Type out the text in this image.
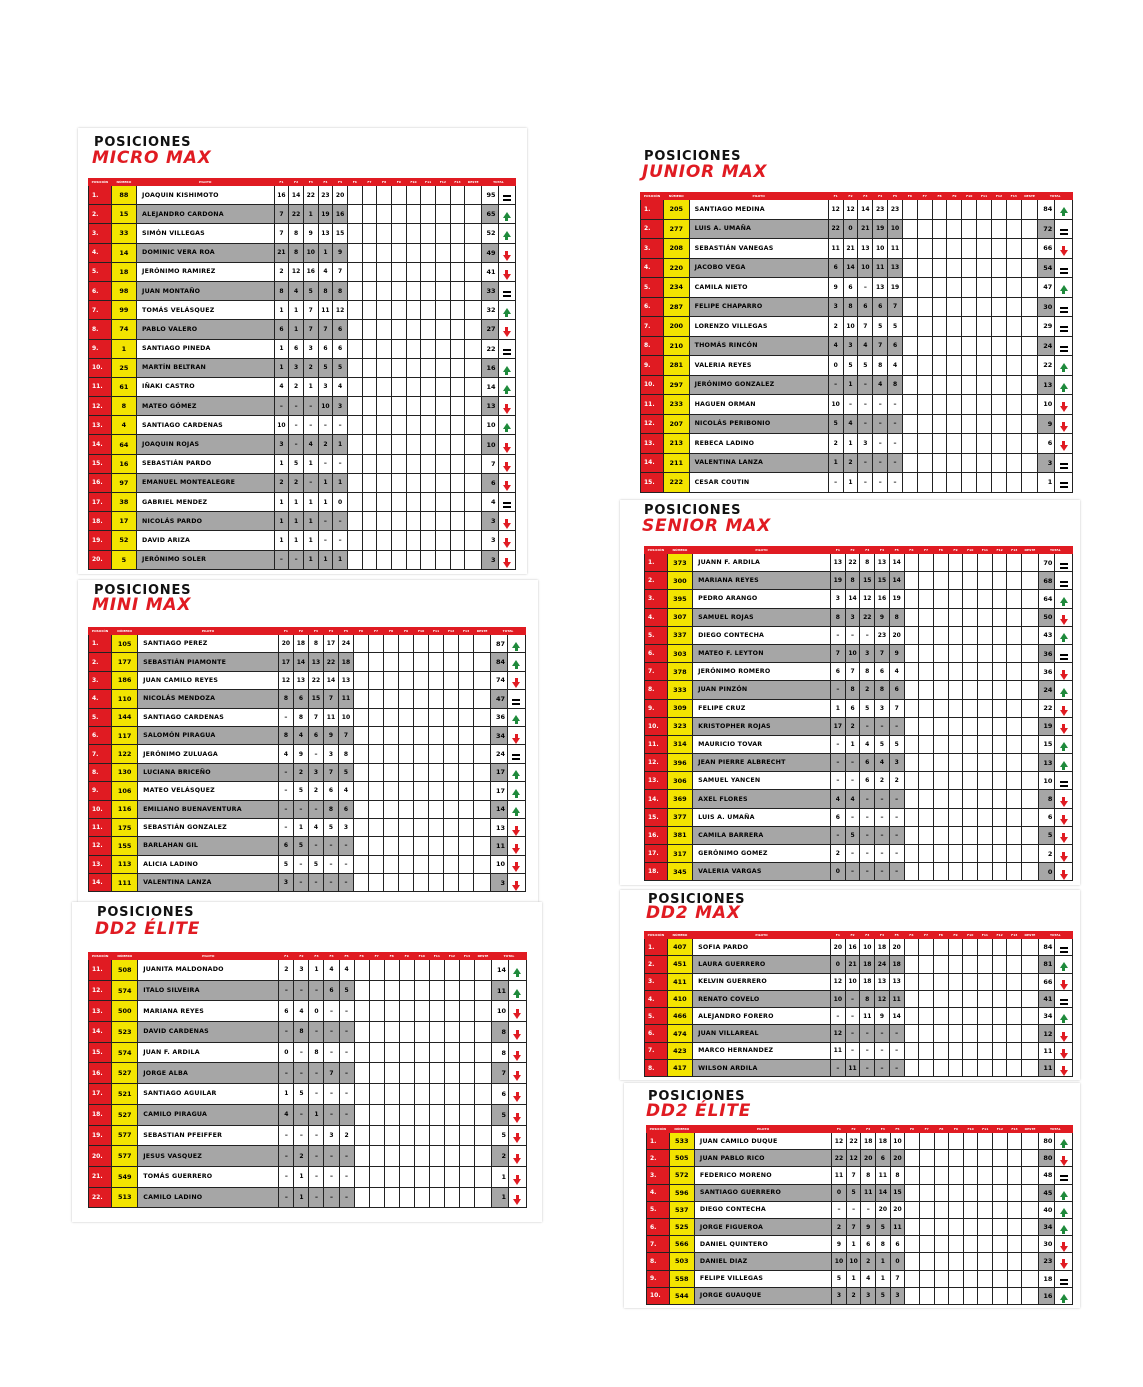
POSICIONES
MICRO MAX
POSICIÓN	NÚMERO	PILOTO	F1	F2	F3	F4	F5	F6	F7	F8	F9	F10	F11	F12	F13	DESTE	TOTAL	
1.	88	JOAQUIN KISHIMOTO	16	14	22	23	20										95	

2.	15	ALEJANDRO CARDONA	7	22	1	19	16										65	

3.	33	SIMÓN VILLEGAS	7	8	9	13	15										52	

4.	14	DOMINIC VERA ROA	21	8	10	1	9										49	

5.	18	JERÓNIMO RAMIREZ	2	12	16	4	7										41	

6.	98	JUAN MONTAÑO	8	4	5	8	8										33	

7.	99	TOMÁS VELÁSQUEZ	1	1	7	11	12										32	

8.	74	PABLO VALERO	6	1	7	7	6										27	

9.	1	SANTIAGO PINEDA	1	6	3	6	6										22	

10.	25	MARTÍN BELTRAN	1	3	2	5	5										16	

11.	61	IÑAKI CASTRO	4	2	1	3	4										14	

12.	8	MATEO GÓMEZ	–	–	–	10	3										13	

13.	4	SANTIAGO CARDENAS	10	–	–	–	–										10	

14.	64	JOAQUIN ROJAS	3	–	4	2	1										10	

15.	16	SEBASTIÁN PARDO	1	5	1	–	–										7	

16.	97	EMANUEL MONTEALEGRE	2	2	–	1	1										6	

17.	38	GABRIEL MENDEZ	1	1	1	1	0										4	

18.	17	NICOLÁS PARDO	1	1	1	–	–										3	

19.	52	DAVID ARIZA	1	1	1	–	–										3	

20.	5	JERÓNIMO SOLER	–	–	1	1	1										3	
POSICIONES
MINI MAX
POSICIÓN	NÚMERO	PILOTO	F1	F2	F3	F4	F5	F6	F7	F8	F9	F10	F11	F12	F13	DESTE	TOTAL	
1.	105	SANTIAGO PEREZ	20	18	8	17	24										87	

2.	177	SEBASTIÁN PIAMONTE	17	14	13	22	18										84	

3.	186	JUAN CAMILO REYES	12	13	22	14	13										74	

4.	110	NICOLÁS MENDOZA	8	6	15	7	11										47	

5.	144	SANTIAGO CARDENAS	–	8	7	11	10										36	

6.	117	SALOMÓN PIRAGUA	8	4	6	9	7										34	

7.	122	JERÓNIMO ZULUAGA	4	9	–	3	8										24	

8.	130	LUCIANA BRICEÑO	–	2	3	7	5										17	

9.	106	MATEO VELÁSQUEZ	–	5	2	6	4										17	

10.	116	EMILIANO BUENAVENTURA	–	–	–	8	6										14	

11.	175	SEBASTIÁN GONZALEZ	–	1	4	5	3										13	

12.	155	BARLAHAN GIL	6	5	–	–	–										11	

13.	113	ALICIA LADINO	5	–	5	–	–										10	

14.	111	VALENTINA LANZA	3	–	–	–	–										3	
POSICIONES
DD2 ÉLITE
POSICIÓN	NÚMERO	PILOTO	F1	F2	F3	F4	F5	F6	F7	F8	F9	F10	F11	F12	F13	DESTE	TOTAL	
11.	508	JUANITA MALDONADO	2	3	1	4	4										14	

12.	574	ITALO SILVEIRA	–	–	–	6	5										11	

13.	500	MARIANA REYES	6	4	0	–	–										10	

14.	523	DAVID CARDENAS	–	8	–	–	–										8	

15.	574	JUAN F. ARDILA	0	–	8	–	–										8	

16.	527	JORGE ALBA	–	–	–	7	–										7	

17.	521	SANTIAGO AGUILAR	1	5	–	–	–										6	

18.	527	CAMILO PIRAGUA	4	–	1	–	–										5	

19.	577	SEBASTIAN PFEIFFER	–	–	–	3	2										5	

20.	577	JESUS VASQUEZ	–	2	–	–	–										2	

21.	549	TOMÁS GUERRERO	–	1	–	–	–										1	

22.	513	CAMILO LADINO	–	1	–	–	–										1	
POSICIONES
JUNIOR MAX
POSICIÓN	NÚMERO	PILOTO	F1	F2	F3	F4	F5	F6	F7	F8	F9	F10	F11	F12	F13	DESTE	TOTAL	
1.	205	SANTIAGO MEDINA	12	12	14	23	23										84	

2.	277	LUIS A. UMAÑA	22	0	21	19	10										72	

3.	208	SEBASTIÁN VANEGAS	11	21	13	10	11										66	

4.	220	JACOBO VEGA	6	14	10	11	13										54	

5.	234	CAMILA NIETO	9	6	–	13	19										47	

6.	287	FELIPE CHAPARRO	3	8	6	6	7										30	

7.	200	LORENZO VILLEGAS	2	10	7	5	5										29	

8.	210	THOMÁS RINCÓN	4	3	4	7	6										24	

9.	281	VALERIA REYES	0	5	5	8	4										22	

10.	297	JERÓNIMO GONZALEZ	–	1	–	4	8										13	

11.	233	HAGUEN ORMAN	10	–	–	–	–										10	

12.	207	NICOLÁS PERIBONIO	5	4	–	–	–										9	

13.	213	REBECA LADINO	2	1	3	–	–										6	

14.	211	VALENTINA LANZA	1	2	–	–	–										3	

15.	222	CESAR COUTIN	–	1	–	–	–										1	
POSICIONES
SENIOR MAX
POSICIÓN	NÚMERO	PILOTO	F1	F2	F3	F4	F5	F6	F7	F8	F9	F10	F11	F12	F13	DESTE	TOTAL	
1.	373	JUANN F. ARDILA	13	22	8	13	14										70	

2.	300	MARIANA REYES	19	8	15	15	14										68	

3.	395	PEDRO ARANGO	3	14	12	16	19										64	

4.	307	SAMUEL ROJAS	8	3	22	9	8										50	

5.	337	DIEGO CONTECHA	–	–	–	23	20										43	

6.	303	MATEO F. LEYTON	7	10	3	7	9										36	

7.	378	JERÓNIMO ROMERO	6	7	8	6	4										36	

8.	333	JUAN PINZÓN	–	8	2	8	6										24	

9.	309	FELIPE CRUZ	1	6	5	3	7										22	

10.	323	KRISTOPHER ROJAS	17	2	–	–	–										19	

11.	314	MAURICIO TOVAR	–	1	4	5	5										15	

12.	396	JEAN PIERRE ALBRECHT	–	–	6	4	3										13	

13.	306	SAMUEL YANCEN	–	–	6	2	2										10	

14.	369	AXEL FLORES	4	4	–	–	–										8	

15.	377	LUIS A. UMAÑA	6	–	–	–	–										6	

16.	381	CAMILA BARRERA	–	5	–	–	–										5	

17.	317	GERÓNIMO GOMEZ	2	–	–	–	–										2	

18.	345	VALERIA VARGAS	0	–	–	–	–										0	
POSICIONES
DD2 MAX
POSICIÓN	NÚMERO	PILOTO	F1	F2	F3	F4	F5	F6	F7	F8	F9	F10	F11	F12	F13	DESTE	TOTAL	
1.	407	SOFIA PARDO	20	16	10	18	20										84	

2.	451	LAURA GUERRERO	0	21	18	24	18										81	

3.	411	KELVIN GUERRERO	12	10	18	13	13										66	

4.	410	RENATO COVELO	10	–	8	12	11										41	

5.	466	ALEJANDRO FORERO	–	–	11	9	14										34	

6.	474	JUAN VILLAREAL	12	–	–	–	–										12	

7.	423	MARCO HERNANDEZ	11	–	–	–	–										11	

8.	417	WILSON ARDILA	–	11	–	–	–										11	
POSICIONES
DD2 ÉLITE
POSICIÓN	NÚMERO	PILOTO	F1	F2	F3	F4	F5	F6	F7	F8	F9	F10	F11	F12	F13	DESTE	TOTAL	
1.	533	JUAN CAMILO DUQUE	12	22	18	18	10										80	

2.	505	JUAN PABLO RICO	22	12	20	6	20										80	

3.	572	FEDERICO MORENO	11	7	8	11	8										48	

4.	596	SANTIAGO GUERRERO	0	5	11	14	15										45	

5.	537	DIEGO CONTECHA	–	–	–	20	20										40	

6.	525	JORGE FIGUEROA	2	7	9	5	11										34	

7.	566	DANIEL QUINTERO	9	1	6	8	6										30	

8.	503	DANIEL DIAZ	10	10	2	1	0										23	

9.	558	FELIPE VILLEGAS	5	1	4	1	7										18	

10.	544	JORGE GUAUQUE	3	2	3	5	3										16	
